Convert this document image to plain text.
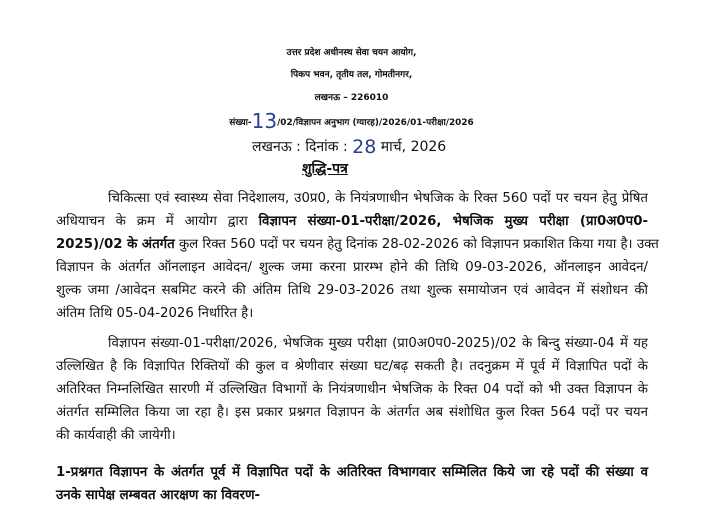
उत्तर प्रदेश अधीनस्थ सेवा चयन आयोग,
पिकप भवन, तृतीय तल, गोमतीनगर,
लखनऊ – 226010
संख्या-13/02/विज्ञापन अनुभाग (ग्यारह)/2026/01-परीक्षा/2026
लखनऊ : दिनांक : 28 मार्च, 2026
शुद्धि-पत्र
चिकित्सा एवं स्वास्थ्य सेवा निदेशालय, उ0प्र0, के नियंत्रणाधीन भेषजिक के रिक्त 560 पदों पर चयन हेतु प्रेषित
अधियाचन के क्रम में आयोग द्वारा विज्ञापन संख्या-01-परीक्षा/2026, भेषजिक मुख्य परीक्षा (प्रा0अ0प0-
2025)/02 के अंतर्गत कुल रिक्त 560 पदों पर चयन हेतु दिनांक 28-02-2026 को विज्ञापन प्रकाशित किया गया है। उक्त
विज्ञापन के अंतर्गत ऑनलाइन आवेदन/ शुल्क जमा करना प्रारम्भ होने की तिथि 09-03-2026, ऑनलाइन आवेदन/
शुल्क जमा /आवेदन सबमिट करने की अंतिम तिथि 29-03-2026 तथा शुल्क समायोजन एवं आवेदन में संशोधन की
अंतिम तिथि 05-04-2026 निर्धारित है।
विज्ञापन संख्या-01-परीक्षा/2026, भेषजिक मुख्य परीक्षा (प्रा0अ0प0-2025)/02 के बिन्दु संख्या-04 में यह
उल्लिखित है कि विज्ञापित रिक्तियों की कुल व श्रेणीवार संख्या घट/बढ़ सकती है। तदनुक्रम में पूर्व में विज्ञापित पदों के
अतिरिक्त निम्नलिखित सारणी में उल्लिखित विभागों के नियंत्रणाधीन भेषजिक के रिक्त 04 पदों को भी उक्त विज्ञापन के
अंतर्गत सम्मिलित किया जा रहा है। इस प्रकार प्रश्नगत विज्ञापन के अंतर्गत अब संशोधित कुल रिक्त 564 पदों पर चयन
की कार्यवाही की जायेगी।
1-प्रश्नगत विज्ञापन के अंतर्गत पूर्व में विज्ञापित पदों के अतिरिक्त विभागवार सम्मिलित किये जा रहे पदों की संख्या व
उनके सापेक्ष लम्बवत आरक्षण का विवरण-
